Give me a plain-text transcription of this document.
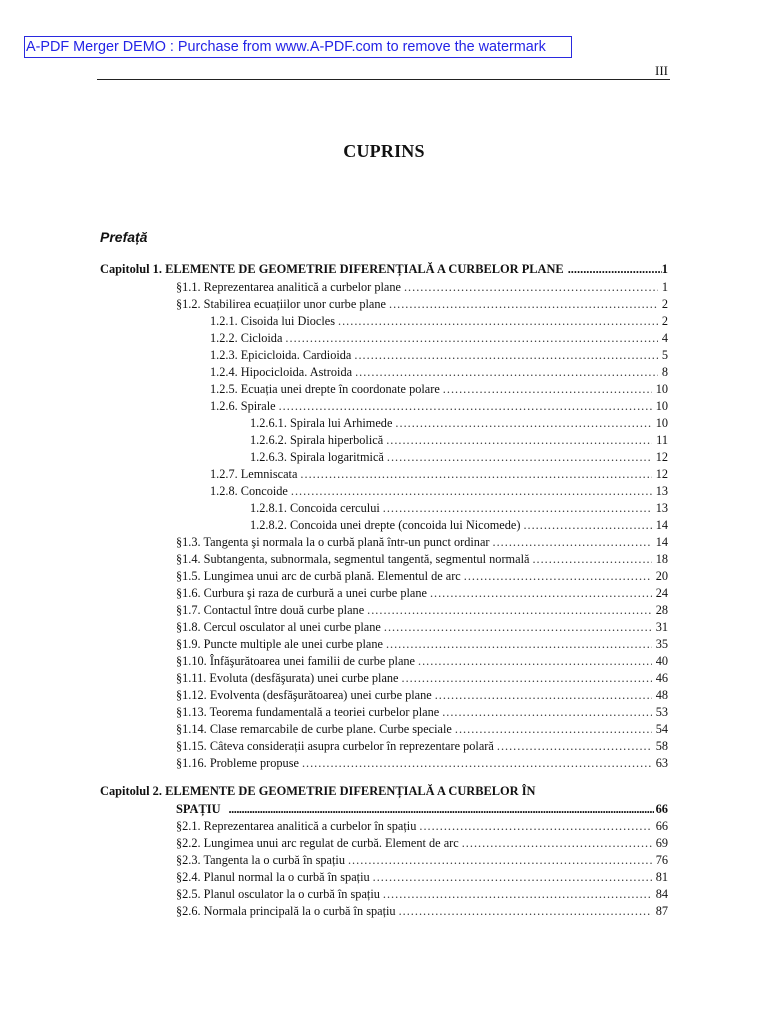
A-PDF Merger DEMO : Purchase from www.A-PDF.com to remove the watermark
III
CUPRINS
Prefață
Capitolul 1. ELEMENTE DE GEOMETRIE DIFERENȚIALĂ A CURBELOR PLANE .....	1
§1.1. Reprezentarea analitică a curbelor plane .....	1
§1.2. Stabilirea ecuațiilor unor curbe plane .....	2
1.2.1. Cisoida lui Diocles .....	2
1.2.2. Cicloida .....	4
1.2.3. Epicicloida. Cardioida .....	5
1.2.4. Hipocicloida. Astroida .....	8
1.2.5. Ecuația unei drepte în coordonate polare .....	10
1.2.6. Spirale .....	10
1.2.6.1. Spirala lui Arhimede .....	10
1.2.6.2. Spirala hiperbolică .....	11
1.2.6.3. Spirala logaritmică .....	12
1.2.7. Lemniscata .....	12
1.2.8. Concoide .....	13
1.2.8.1. Concoida cercului .....	13
1.2.8.2. Concoida unei drepte (concoida lui Nicomede) .....	14
§1.3. Tangenta şi normala la o curbă plană într-un punct ordinar .....	14
§1.4. Subtangenta, subnormala, segmentul tangentă, segmentul normală .....	18
§1.5. Lungimea unui arc de curbă plană. Elementul de arc .....	20
§1.6. Curbura şi raza de curbură a unei curbe plane .....	24
§1.7. Contactul între două curbe plane .....	28
§1.8. Cercul osculator al unei curbe plane .....	31
§1.9. Puncte multiple ale unei curbe plane .....	35
§1.10. Înfăşurătoarea unei familii de curbe plane .....	40
§1.11. Evoluta (desfăşurata) unei curbe plane .....	46
§1.12. Evolventa (desfăşurătoarea) unei curbe plane .....	48
§1.13. Teorema fundamentală a teoriei curbelor plane .....	53
§1.14. Clase remarcabile de curbe plane. Curbe speciale .....	54
§1.15. Câteva considerații asupra curbelor în reprezentare polară .....	58
§1.16. Probleme propuse .....	63
Capitolul 2. ELEMENTE DE GEOMETRIE DIFERENȚIALĂ A CURBELOR ÎN
SPAȚIU .....	66
§2.1. Reprezentarea analitică a curbelor în spațiu .....	66
§2.2. Lungimea unui arc regulat de curbă. Element de arc .....	69
§2.3. Tangenta la o curbă în spațiu .....	76
§2.4. Planul normal la o curbă în spațiu .....	81
§2.5. Planul osculator la o curbă în spațiu .....	84
§2.6. Normala principală la o curbă în spațiu .....	87
